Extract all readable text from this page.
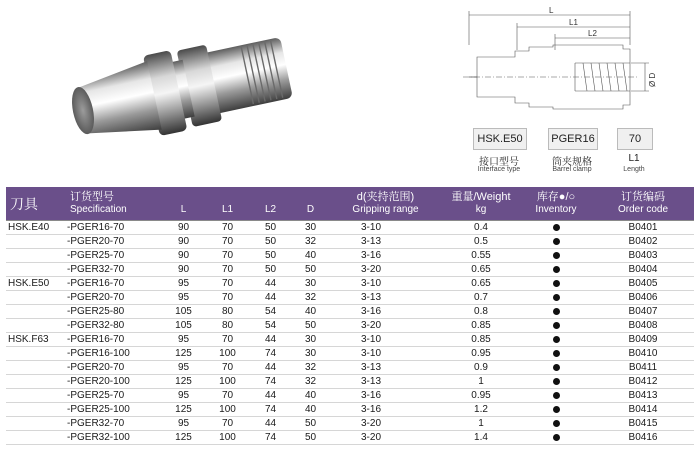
L
L1
L2
Ø D
HSK.E50
接口型号
Interface type
PGER16
筒夹规格
Barrel clamp
70
L1
Length
刀具	订货型号
Specification	L	L1	L2	D	d(夹持范围)
Gripping range	重量/Weight
kg	库存●/○
Inventory	订货编码
Order code
HSK.E40	-PGER16-70	90	70	50	30	3-10	0.4		B0401
	-PGER20-70	90	70	50	32	3-13	0.5		B0402
	-PGER25-70	90	70	50	40	3-16	0.55		B0403
	-PGER32-70	90	70	50	50	3-20	0.65		B0404
HSK.E50	-PGER16-70	95	70	44	30	3-10	0.65		B0405
	-PGER20-70	95	70	44	32	3-13	0.7		B0406
	-PGER25-80	105	80	54	40	3-16	0.8		B0407
	-PGER32-80	105	80	54	50	3-20	0.85		B0408
HSK.F63	-PGER16-70	95	70	44	30	3-10	0.85		B0409
	-PGER16-100	125	100	74	30	3-10	0.95		B0410
	-PGER20-70	95	70	44	32	3-13	0.9		B0411
	-PGER20-100	125	100	74	32	3-13	1		B0412
	-PGER25-70	95	70	44	40	3-16	0.95		B0413
	-PGER25-100	125	100	74	40	3-16	1.2		B0414
	-PGER32-70	95	70	44	50	3-20	1		B0415
	-PGER32-100	125	100	74	50	3-20	1.4		B0416
